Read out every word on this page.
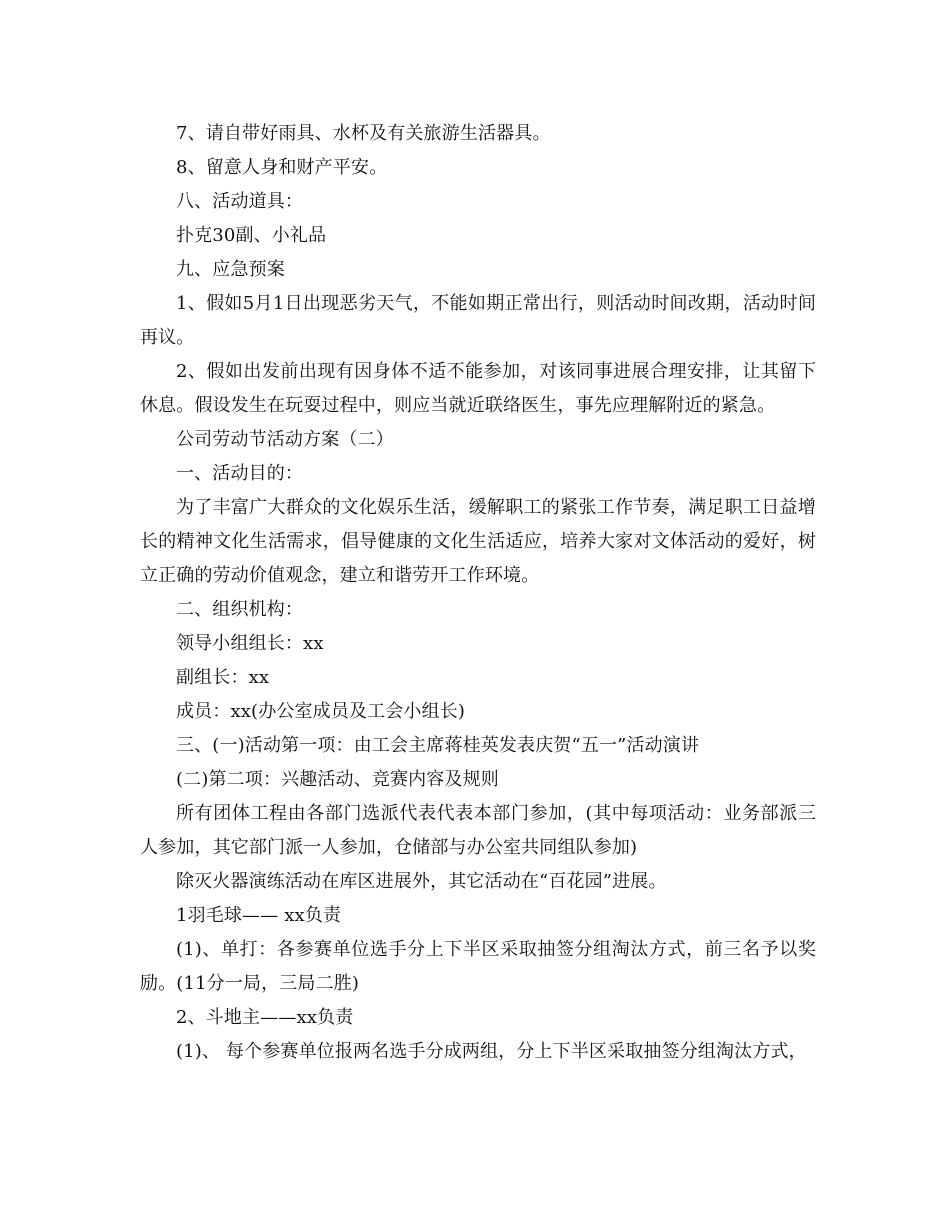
7、请自带好雨具、水杯及有关旅游生活器具。

8、留意人身和财产平安。

八、活动道具：

扑克30副、小礼品

九、应急预案

1、假如5月1日出现恶劣天气，不能如期正常出行，则活动时间改期，活动时间再议。

2、假如出发前出现有因身体不适不能参加，对该同事进展合理安排，让其留下休息。假设发生在玩耍过程中，则应当就近联络医生，事先应理解附近的紧急。

公司劳动节活动方案（二）

一、活动目的：

为了丰富广大群众的文化娱乐生活，缓解职工的紧张工作节奏，满足职工日益增长的精神文化生活需求，倡导健康的文化生活适应，培养大家对文体活动的爱好，树立正确的劳动价值观念，建立和谐劳开工作环境。

二、组织机构：

领导小组组长：xx

副组长：xx

成员：xx(办公室成员及工会小组长)

三、(一)活动第一项：由工会主席蒋桂英发表庆贺“五一”活动演讲

(二)第二项：兴趣活动、竞赛内容及规则

所有团体工程由各部门选派代表代表本部门参加，(其中每项活动：业务部派三人参加，其它部门派一人参加，仓储部与办公室共同组队参加)

除灭火器演练活动在库区进展外，其它活动在“百花园”进展。

1羽毛球—— xx负责

(1)、单打：各参赛单位选手分上下半区采取抽签分组淘汰方式，前三名予以奖励。(11分一局，三局二胜)

2、斗地主——xx负责

(1)、 每个参赛单位报两名选手分成两组，分上下半区采取抽签分组淘汰方式，
